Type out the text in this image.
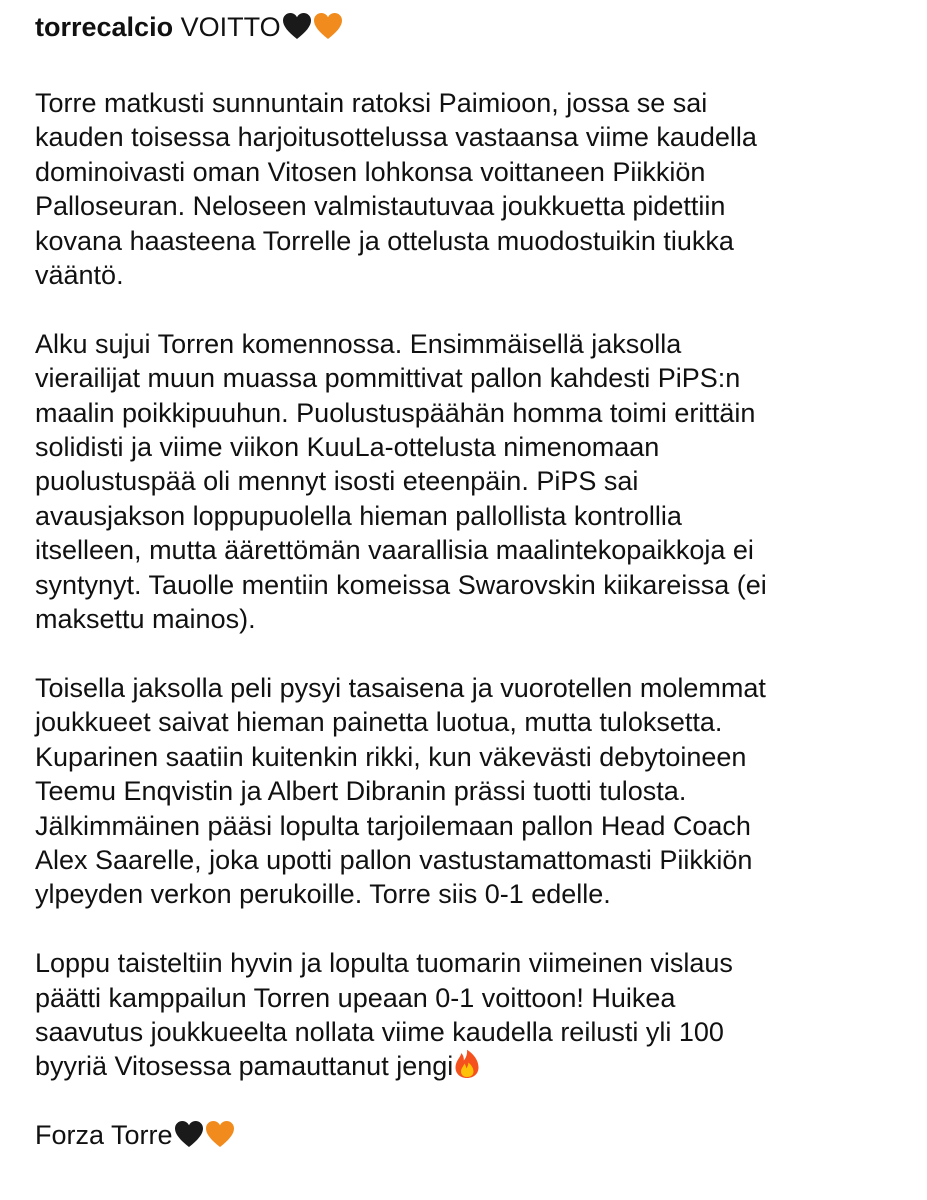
torrecalcio VOITTO
Torre matkusti sunnuntain ratoksi Paimioon, jossa se sai
kauden toisessa harjoitusottelussa vastaansa viime kaudella
dominoivasti oman Vitosen lohkonsa voittaneen Piikkiön
Palloseuran. Neloseen valmistautuvaa joukkuetta pidettiin
kovana haasteena Torrelle ja ottelusta muodostuikin tiukka
vääntö.
Alku sujui Torren komennossa. Ensimmäisellä jaksolla
vierailijat muun muassa pommittivat pallon kahdesti PiPS:n
maalin poikkipuuhun. Puolustuspäähän homma toimi erittäin
solidisti ja viime viikon KuuLa-ottelusta nimenomaan
puolustuspää oli mennyt isosti eteenpäin. PiPS sai
avausjakson loppupuolella hieman pallollista kontrollia
itselleen, mutta äärettömän vaarallisia maalintekopaikkoja ei
syntynyt. Tauolle mentiin komeissa Swarovskin kiikareissa (ei
maksettu mainos).
Toisella jaksolla peli pysyi tasaisena ja vuorotellen molemmat
joukkueet saivat hieman painetta luotua, mutta tuloksetta.
Kuparinen saatiin kuitenkin rikki, kun väkevästi debytoineen
Teemu Enqvistin ja Albert Dibranin prässi tuotti tulosta.
Jälkimmäinen pääsi lopulta tarjoilemaan pallon Head Coach
Alex Saarelle, joka upotti pallon vastustamattomasti Piikkiön
ylpeyden verkon perukoille. Torre siis 0-1 edelle.
Loppu taisteltiin hyvin ja lopulta tuomarin viimeinen vislaus
päätti kamppailun Torren upeaan 0-1 voittoon! Huikea
saavutus joukkueelta nollata viime kaudella reilusti yli 100
byyriä Vitosessa pamauttanut jengi
Forza Torre
